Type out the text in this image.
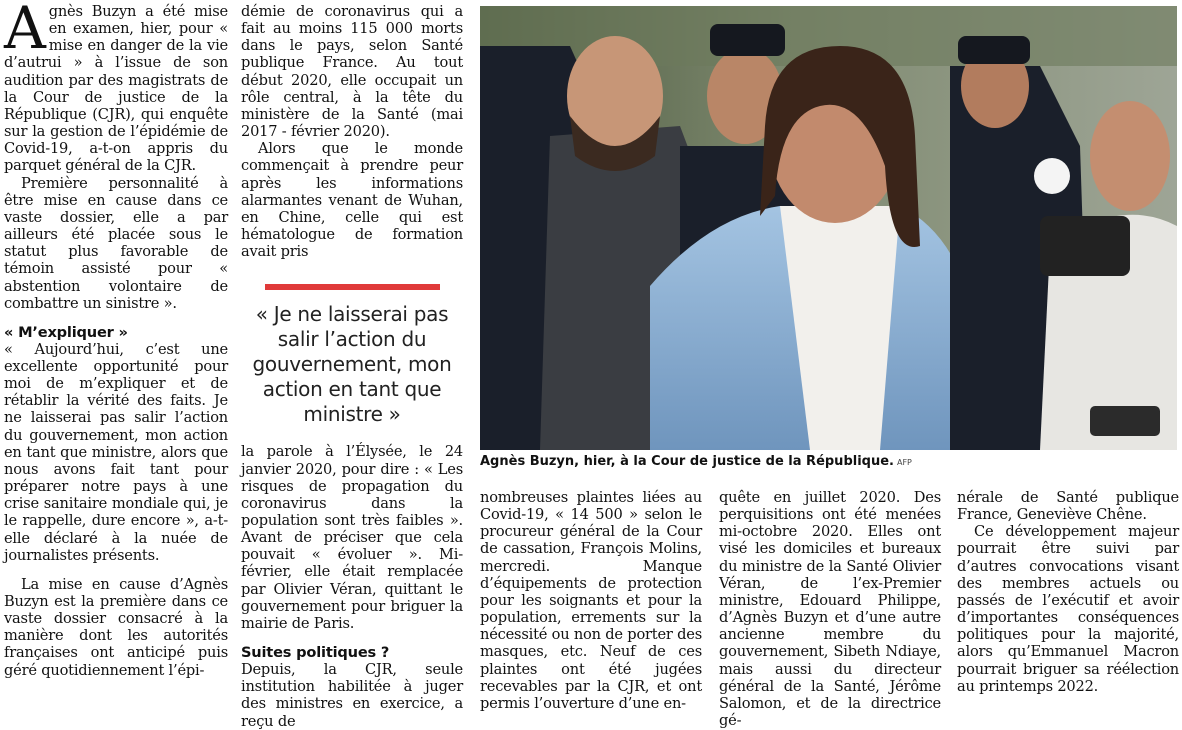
Agnès Buzyn a été mise en examen, hier, pour « mise en danger de la vie d’autrui » à l’issue de son audition par des magistrats de la Cour de justice de la République (CJR), qui enquête sur la gestion de l’épidémie de Covid-19, a-t-on appris du parquet général de la CJR.

Première personnalité à être mise en cause dans ce vaste dossier, elle a par ailleurs été placée sous le statut plus favorable de témoin assisté pour « abstention volontaire de combattre un sinistre ».

« M’expliquer »

« Aujourd’hui, c’est une excellente opportunité pour moi de m’expliquer et de rétablir la vérité des faits. Je ne laisserai pas salir l’action du gouvernement, mon action en tant que ministre, alors que nous avons fait tant pour préparer notre pays à une crise sanitaire mondiale qui, je le rappelle, dure encore », a-t-elle déclaré à la nuée de journalistes présents.

La mise en cause d’Agnès Buzyn est la première dans ce vaste dossier consacré à la manière dont les autorités françaises ont anticipé puis géré quotidiennement l’épi-

démie de coronavirus qui a fait au moins 115 000 morts dans le pays, selon Santé publique France. Au tout début 2020, elle occupait un rôle central, à la tête du ministère de la Santé (mai 2017 - février 2020).

Alors que le monde commençait à prendre peur après les informations alarmantes venant de Wuhan, en Chine, celle qui est hématologue de formation avait pris

« Je ne laisserai pas salir l’action du gouvernement, mon action en tant que ministre »

la parole à l’Élysée, le 24 janvier 2020, pour dire : « Les risques de propagation du coronavirus dans la population sont très faibles ». Avant de préciser que cela pouvait « évoluer ». Mi-février, elle était remplacée par Olivier Véran, quittant le gouvernement pour briguer la mairie de Paris.

Suites politiques ?

Depuis, la CJR, seule institution habilitée à juger des ministres en exercice, a reçu de

Agnès Buzyn, hier, à la Cour de justice de la République. AFP

nombreuses plaintes liées au Covid-19, « 14 500 » selon le procureur général de la Cour de cassation, François Molins, mercredi. Manque d’équipements de protection pour les soignants et pour la population, errements sur la nécessité ou non de porter des masques, etc. Neuf de ces plaintes ont été jugées recevables par la CJR, et ont permis l’ouverture d’une en-

quête en juillet 2020. Des perquisitions ont été menées mi-octobre 2020. Elles ont visé les domiciles et bureaux du ministre de la Santé Olivier Véran, de l’ex-Premier ministre, Edouard Philippe, d’Agnès Buzyn et d’une autre ancienne membre du gouvernement, Sibeth Ndiaye, mais aussi du directeur général de la Santé, Jérôme Salomon, et de la directrice gé-

nérale de Santé publique France, Geneviève Chêne.

Ce développement majeur pourrait être suivi par d’autres convocations visant des membres actuels ou passés de l’exécutif et avoir d’importantes conséquences politiques pour la majorité, alors qu’Emmanuel Macron pourrait briguer sa réélection au printemps 2022.
